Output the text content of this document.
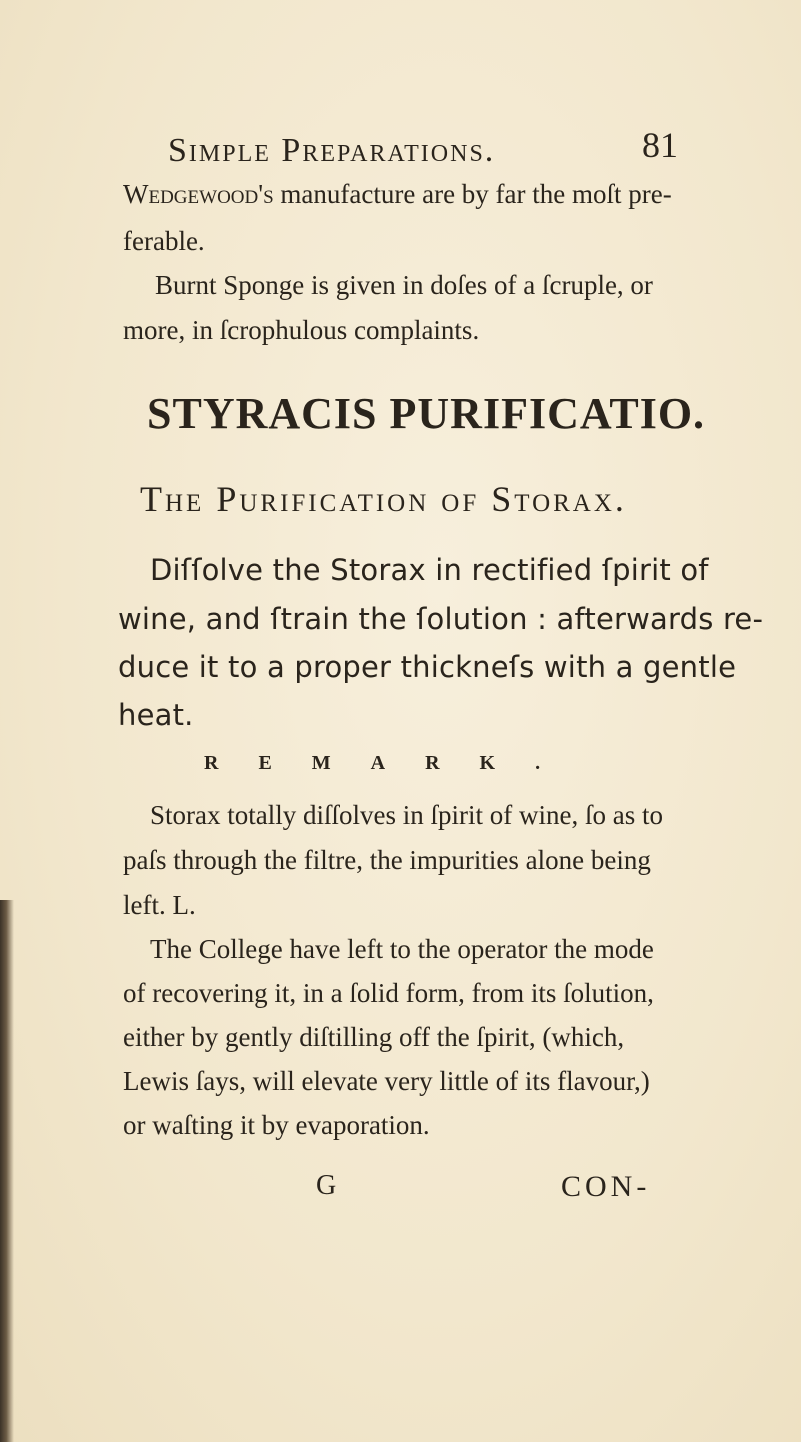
Simple Preparations.	81
Wedgewood's manufacture are by far the moſt pre-
ferable.
Burnt Sponge is given in doſes of a ſcruple, or
more, in ſcrophulous complaints.
STYRACIS PURIFICATIO.
The Purification of Storax.
Diſſolve the Storax in rectified ſpirit of
wine, and ſtrain the ſolution : afterwards re-
duce it to a proper thickneſs with a gentle
heat.
REMARK.
Storax totally diſſolves in ſpirit of wine, ſo as to
paſs through the filtre, the impurities alone being
left. L.
The College have left to the operator the mode
of recovering it, in a ſolid form, from its ſolution,
either by gently diſtilling off the ſpirit, (which,
Lewis ſays, will elevate very little of its flavour,)
or waſting it by evaporation.
G	CON-
